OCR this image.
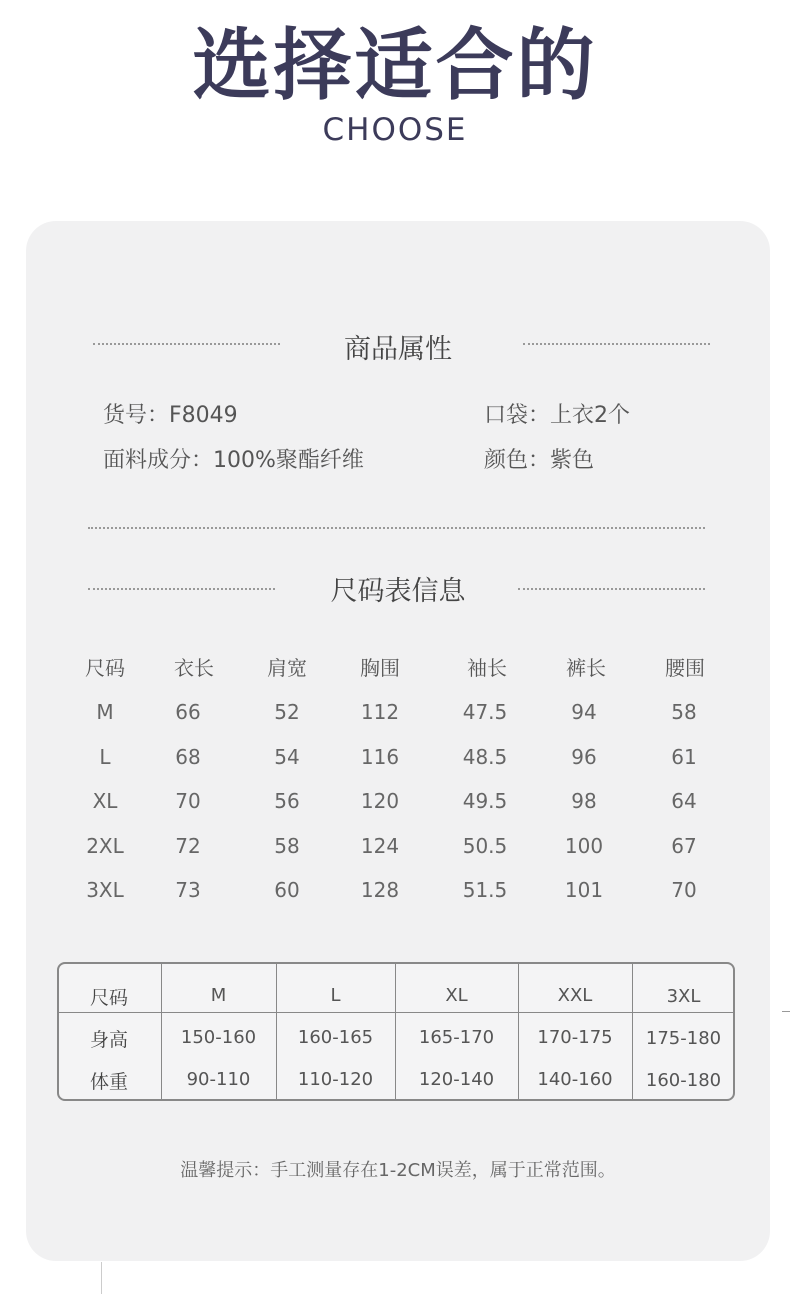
选择适合的
CHOOSE
商品属性
货号：F8049	口袋：上衣2个
面料成分：100%聚酯纤维	颜色：紫色
尺码表信息
尺码	衣长	肩宽	胸围	袖长	裤长	腰围
M	66	52	112	47.5	94	58
L	68	54	116	48.5	96	61
XL	70	56	120	49.5	98	64
2XL	72	58	124	50.5	100	67
3XL	73	60	128	51.5	101	70
尺码	M	L	XL	XXL	3XL
身高	150-160	160-165	165-170	170-175	175-180
体重	90-110	110-120	120-140	140-160	160-180
温馨提示：手工测量存在1-2CM误差，属于正常范围。
